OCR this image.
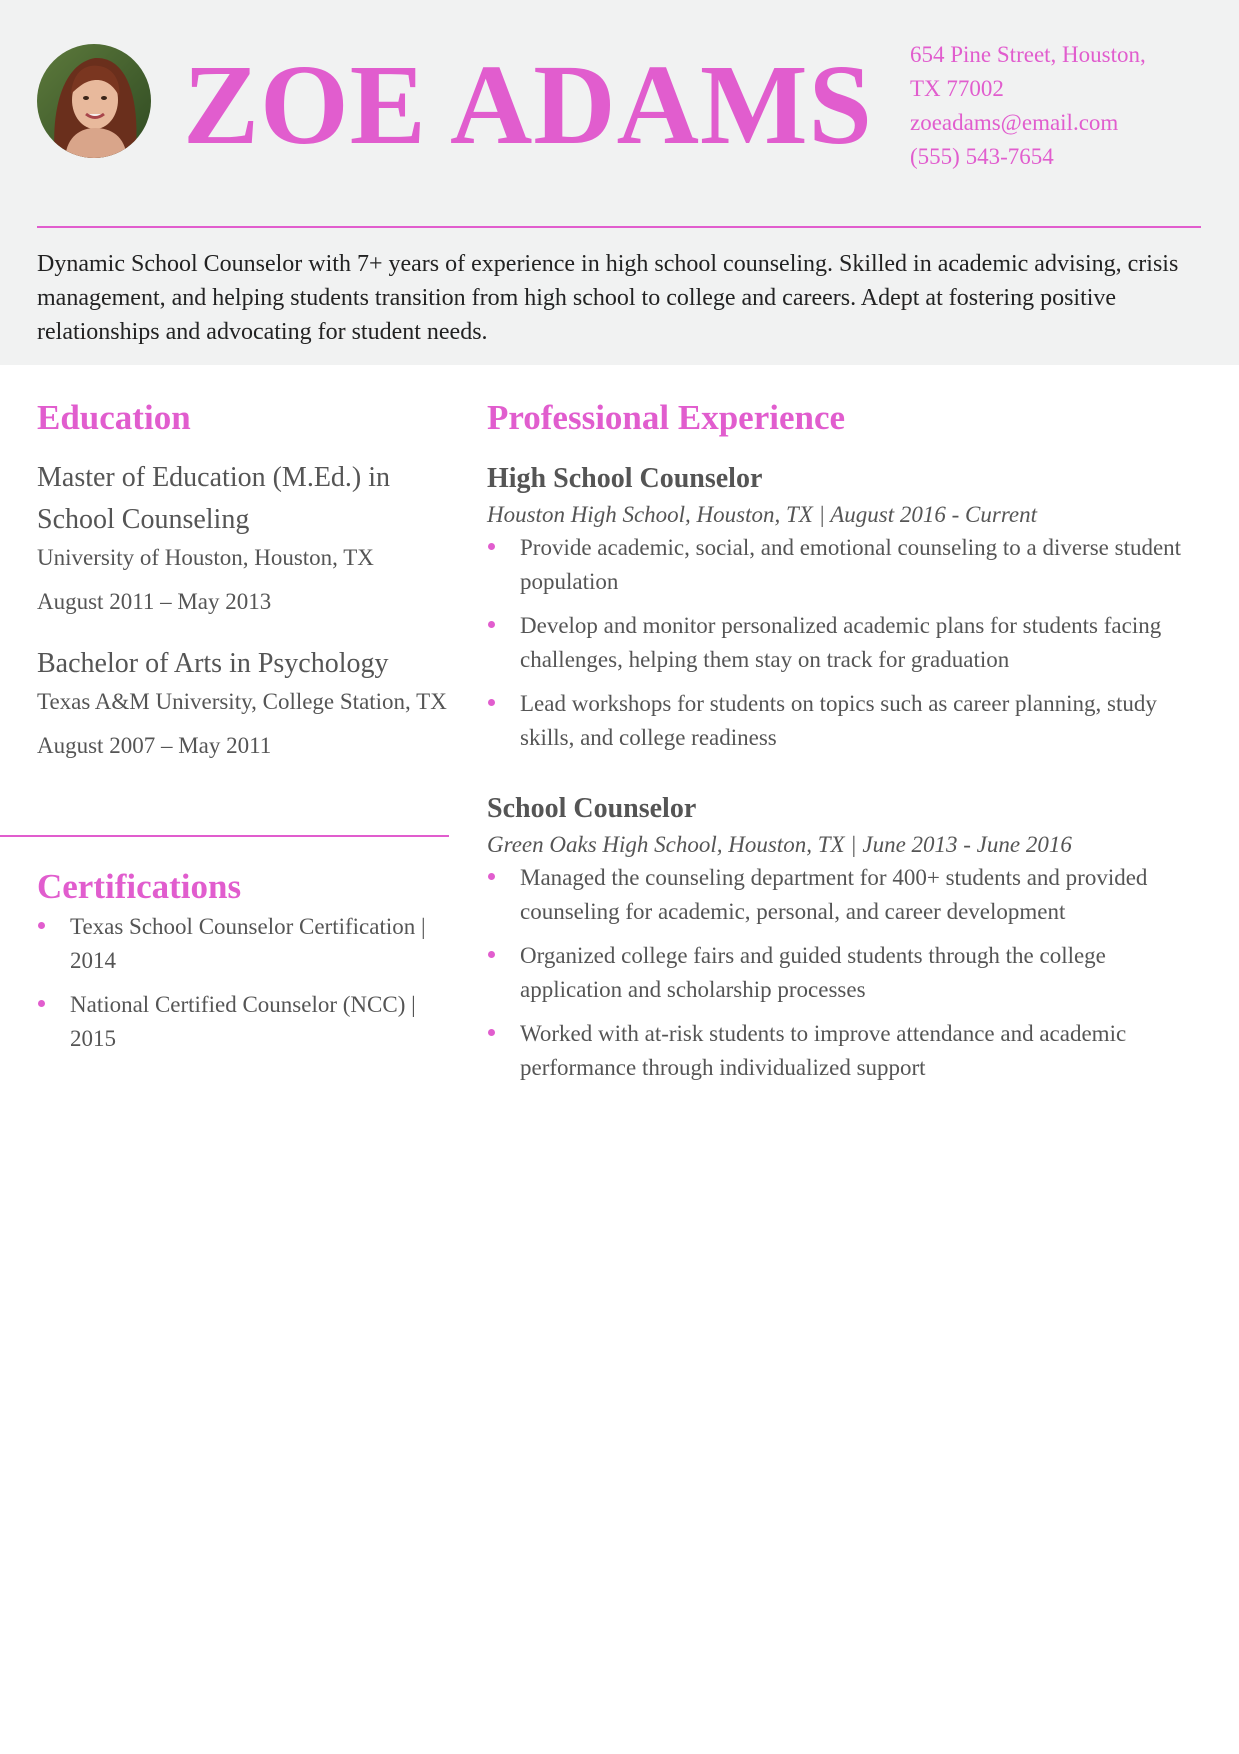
ZOE ADAMS 654 Pine Street, Houston,
TX 77002
zoeadams@email.com
(555) 543-7654
Dynamic School Counselor with 7+ years of experience in high school counseling. Skilled in academic advising, crisis management, and helping students transition from high school to college and careers. Adept at fostering positive relationships and advocating for student needs.
Education
Master of Education (M.Ed.) in School Counseling
University of Houston, Houston, TX
August 2011 – May 2013
Bachelor of Arts in Psychology
Texas A&M University, College Station, TX
August 2007 – May 2011
Certifications
Texas School Counselor Certification | 2014
National Certified Counselor (NCC) | 2015
Professional Experience
High School Counselor
Houston High School, Houston, TX | August 2016 - Current
Provide academic, social, and emotional counseling to a diverse student population
Develop and monitor personalized academic plans for students facing challenges, helping them stay on track for graduation
Lead workshops for students on topics such as career planning, study skills, and college readiness
School Counselor
Green Oaks High School, Houston, TX | June 2013 - June 2016
Managed the counseling department for 400+ students and provided counseling for academic, personal, and career development
Organized college fairs and guided students through the college application and scholarship processes
Worked with at-risk students to improve attendance and academic performance through individualized support
